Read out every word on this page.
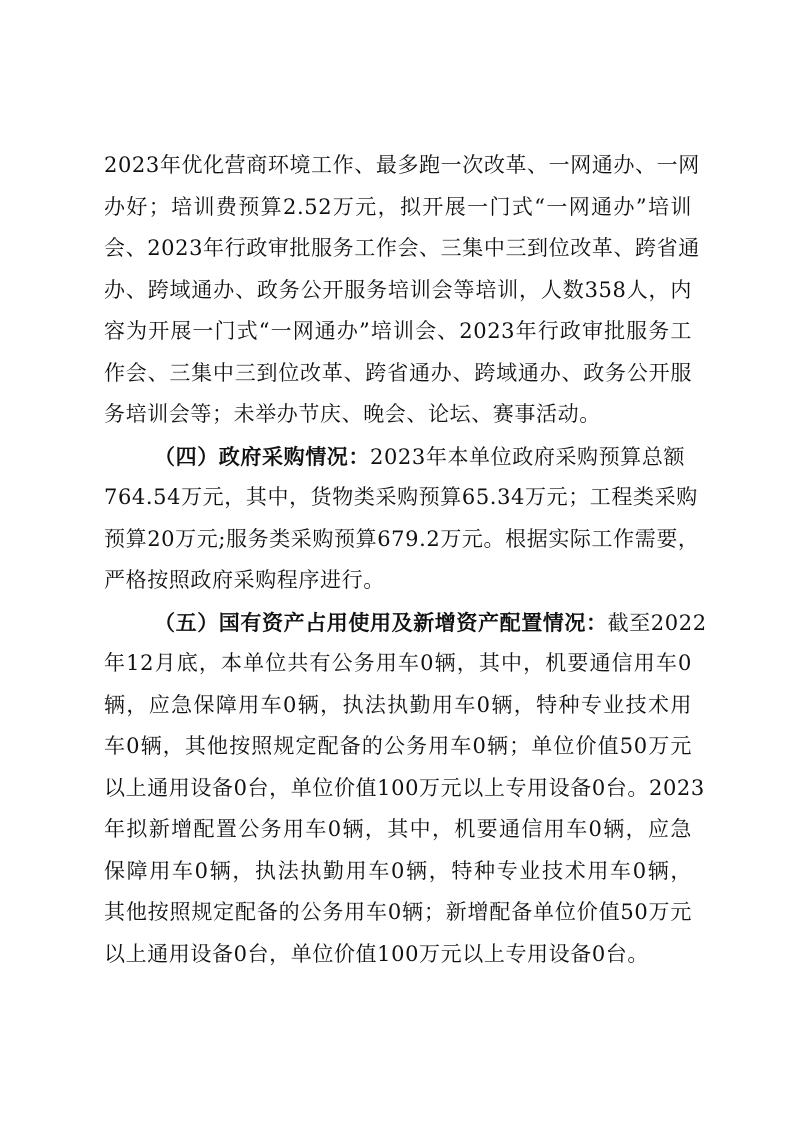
2023年优化营商环境工作、最多跑一次改革、一网通办、一网
办好；培训费预算2.52万元，拟开展一门式“一网通办”培训
会、2023年行政审批服务工作会、三集中三到位改革、跨省通
办、跨域通办、政务公开服务培训会等培训，人数358人，内
容为开展一门式“一网通办”培训会、2023年行政审批服务工
作会、三集中三到位改革、跨省通办、跨域通办、政务公开服
务培训会等；未举办节庆、晚会、论坛、赛事活动。
（四）政府采购情况：2023年本单位政府采购预算总额
764.54万元，其中，货物类采购预算65.34万元；工程类采购
预算20万元;服务类采购预算679.2万元。根据实际工作需要，
严格按照政府采购程序进行。
（五）国有资产占用使用及新增资产配置情况：截至2022
年12月底，本单位共有公务用车0辆，其中，机要通信用车0
辆，应急保障用车0辆，执法执勤用车0辆，特种专业技术用
车0辆，其他按照规定配备的公务用车0辆；单位价值50万元
以上通用设备0台，单位价值100万元以上专用设备0台。2023
年拟新增配置公务用车0辆，其中，机要通信用车0辆，应急
保障用车0辆，执法执勤用车0辆，特种专业技术用车0辆，
其他按照规定配备的公务用车0辆；新增配备单位价值50万元
以上通用设备0台，单位价值100万元以上专用设备0台。
